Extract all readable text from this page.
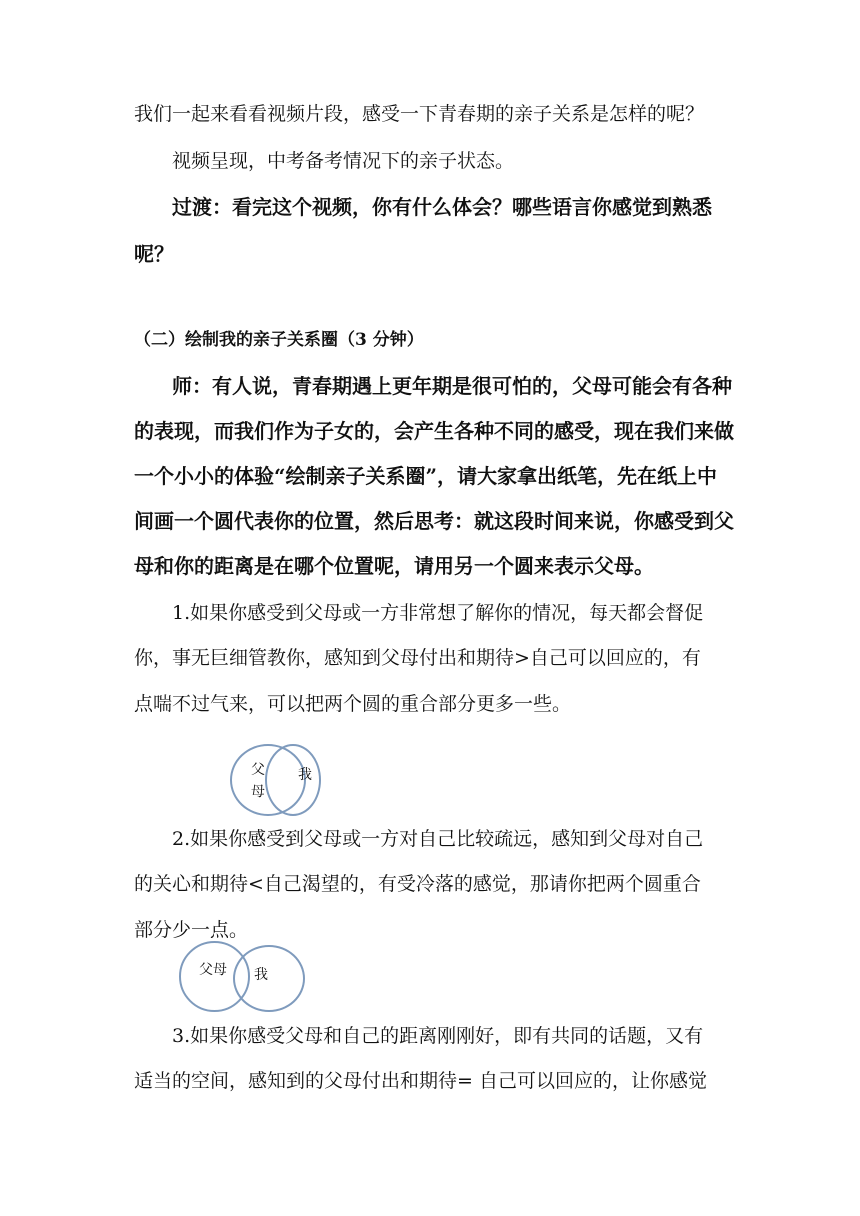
我们一起来看看视频片段，感受一下青春期的亲子关系是怎样的呢？
视频呈现，中考备考情况下的亲子状态。
过渡：看完这个视频，你有什么体会？哪些语言你感觉到熟悉
呢？
（二）绘制我的亲子关系圈（3 分钟）
师：有人说，青春期遇上更年期是很可怕的，父母可能会有各种
的表现，而我们作为子女的，会产生各种不同的感受，现在我们来做
一个小小的体验“绘制亲子关系圈”，请大家拿出纸笔，先在纸上中
间画一个圆代表你的位置，然后思考：就这段时间来说，你感受到父
母和你的距离是在哪个位置呢，请用另一个圆来表示父母。
1.如果你感受到父母或一方非常想了解你的情况，每天都会督促
你，事无巨细管教你，感知到父母付出和期待>自己可以回应的，有
点喘不过气来，可以把两个圆的重合部分更多一些。
父
母
我
2.如果你感受到父母或一方对自己比较疏远，感知到父母对自己
的关心和期待<自己渴望的，有受冷落的感觉，那请你把两个圆重合
部分少一点。
父母 我
3.如果你感受父母和自己的距离刚刚好，即有共同的话题，又有
适当的空间，感知到的父母付出和期待= 自己可以回应的，让你感觉
